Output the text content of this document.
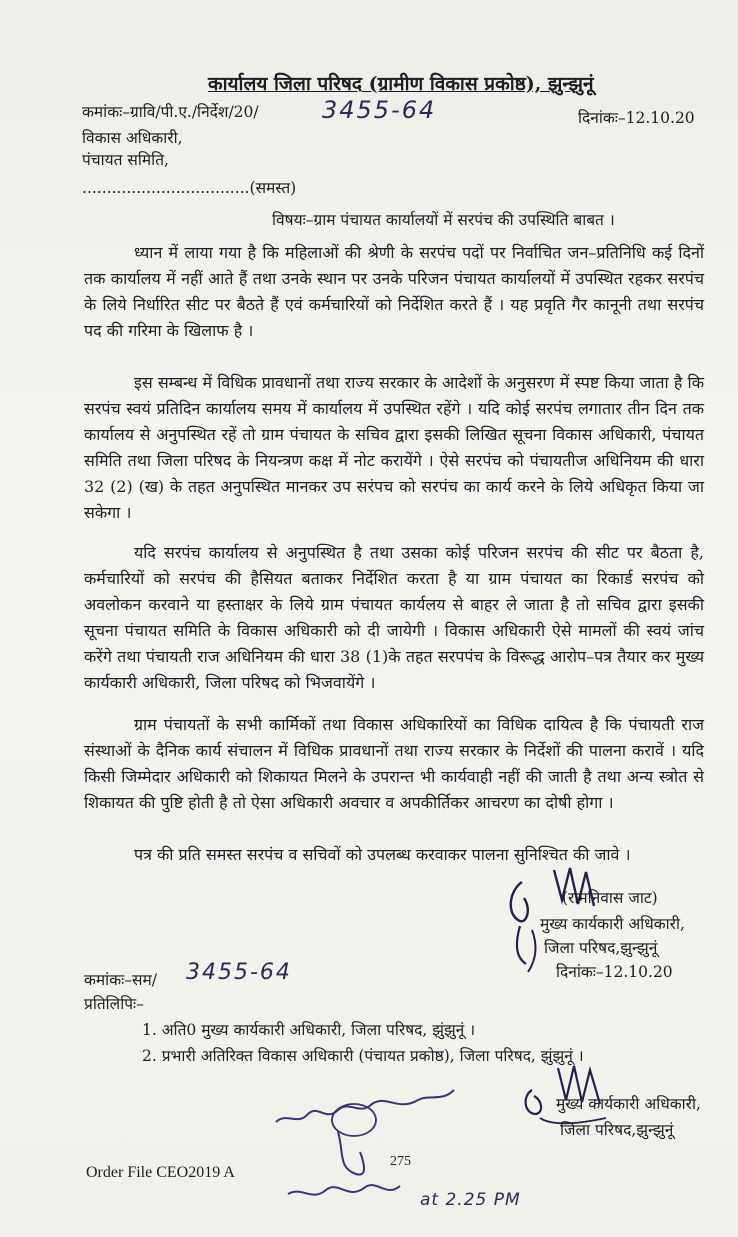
कार्यालय जिला परिषद (ग्रामीण विकास प्रकोष्ठ), झुन्झुनूं
कमांकः–ग्रावि/पी.ए./निर्देश/20/	3455-64	दिनांकः–12.10.20
विकास अधिकारी,
पंचायत समिति,
..................................(समस्त)
विषयः–ग्राम पंचायत कार्यालयों में सरपंच की उपस्थिति बाबत ।
ध्यान में लाया गया है कि महिलाओं की श्रेणी के सरपंच पदों पर निर्वाचित जन–प्रतिनिधि कई दिनों तक कार्यालय में नहीं आते हैं तथा उनके स्थान पर उनके परिजन पंचायत कार्यालयों में उपस्थित रहकर सरपंच के लिये निर्धारित सीट पर बैठते हैं एवं कर्मचारियों को निर्देशित करते हैं । यह प्रवृति गैर कानूनी तथा सरपंच पद की गरिमा के खिलाफ है ।
इस सम्बन्ध में विधिक प्रावधानों तथा राज्य सरकार के आदेशों के अनुसरण में स्पष्ट किया जाता है कि सरपंच स्वयं प्रतिदिन कार्यालय समय में कार्यालय में उपस्थित रहेंगे । यदि कोई सरपंच लगातार तीन दिन तक कार्यालय से अनुपस्थित रहें तो ग्राम पंचायत के सचिव द्वारा इसकी लिखित सूचना विकास अधिकारी, पंचायत समिति तथा जिला परिषद के नियन्त्रण कक्ष में नोट करायेंगे । ऐसे सरपंच को पंचायतीज अधिनियम की धारा 32 (2) (ख) के तहत अनुपस्थित मानकर उप सरंपच को सरपंच का कार्य करने के लिये अधिकृत किया जा सकेगा ।
यदि सरपंच कार्यालय से अनुपस्थित है तथा उसका कोई परिजन सरपंच की सीट पर बैठता है, कर्मचारियों को सरपंच की हैसियत बताकर निर्देशित करता है या ग्राम पंचायत का रिकार्ड सरपंच को अवलोकन करवाने या हस्ताक्षर के लिये ग्राम पंचायत कार्यलय से बाहर ले जाता है तो सचिव द्वारा इसकी सूचना पंचायत समिति के विकास अधिकारी को दी जायेगी । विकास अधिकारी ऐसे मामलों की स्वयं जांच करेंगे तथा पंचायती राज अधिनियम की धारा 38 (1)के तहत सरपपंच के विरूद्ध आरोप–पत्र तैयार कर मुख्य कार्यकारी अधिकारी, जिला परिषद को भिजवायेंगे ।
ग्राम पंचायतों के सभी कार्मिकों तथा विकास अधिकारियों का विधिक दायित्व है कि पंचायती राज संस्थाओं के दैनिक कार्य संचालन में विधिक प्रावधानों तथा राज्य सरकार के निर्देशों की पालना करावें । यदि किसी जिम्मेदार अधिकारी को शिकायत मिलने के उपरान्त भी कार्यवाही नहीं की जाती है तथा अन्य स्त्रोत से शिकायत की पुष्टि होती है तो ऐसा अधिकारी अवचार व अपकीर्तिकर आचरण का दोषी होगा ।
पत्र की प्रति समस्त सरपंच व सचिवों को उपलब्ध करवाकर पालना सुनिश्चित की जावे ।
(रामनिवास जाट)
मुख्य कार्यकारी अधिकारी,
जिला परिषद,झुन्झुनूं
दिनांकः–12.10.20
कमांकः–सम/ 3455-64
प्रतिलिपिः–
1. अति0 मुख्य कार्यकारी अधिकारी, जिला परिषद, झुंझुनूं ।
2. प्रभारी अतिरिक्त विकास अधिकारी (पंचायत प्रकोष्ठ), जिला परिषद, झुंझुनूं ।
मुख्य कार्यकारी अधिकारी,
जिला परिषद,झुन्झुनूं
Order File CEO2019 A
275
at 2.25 PM
